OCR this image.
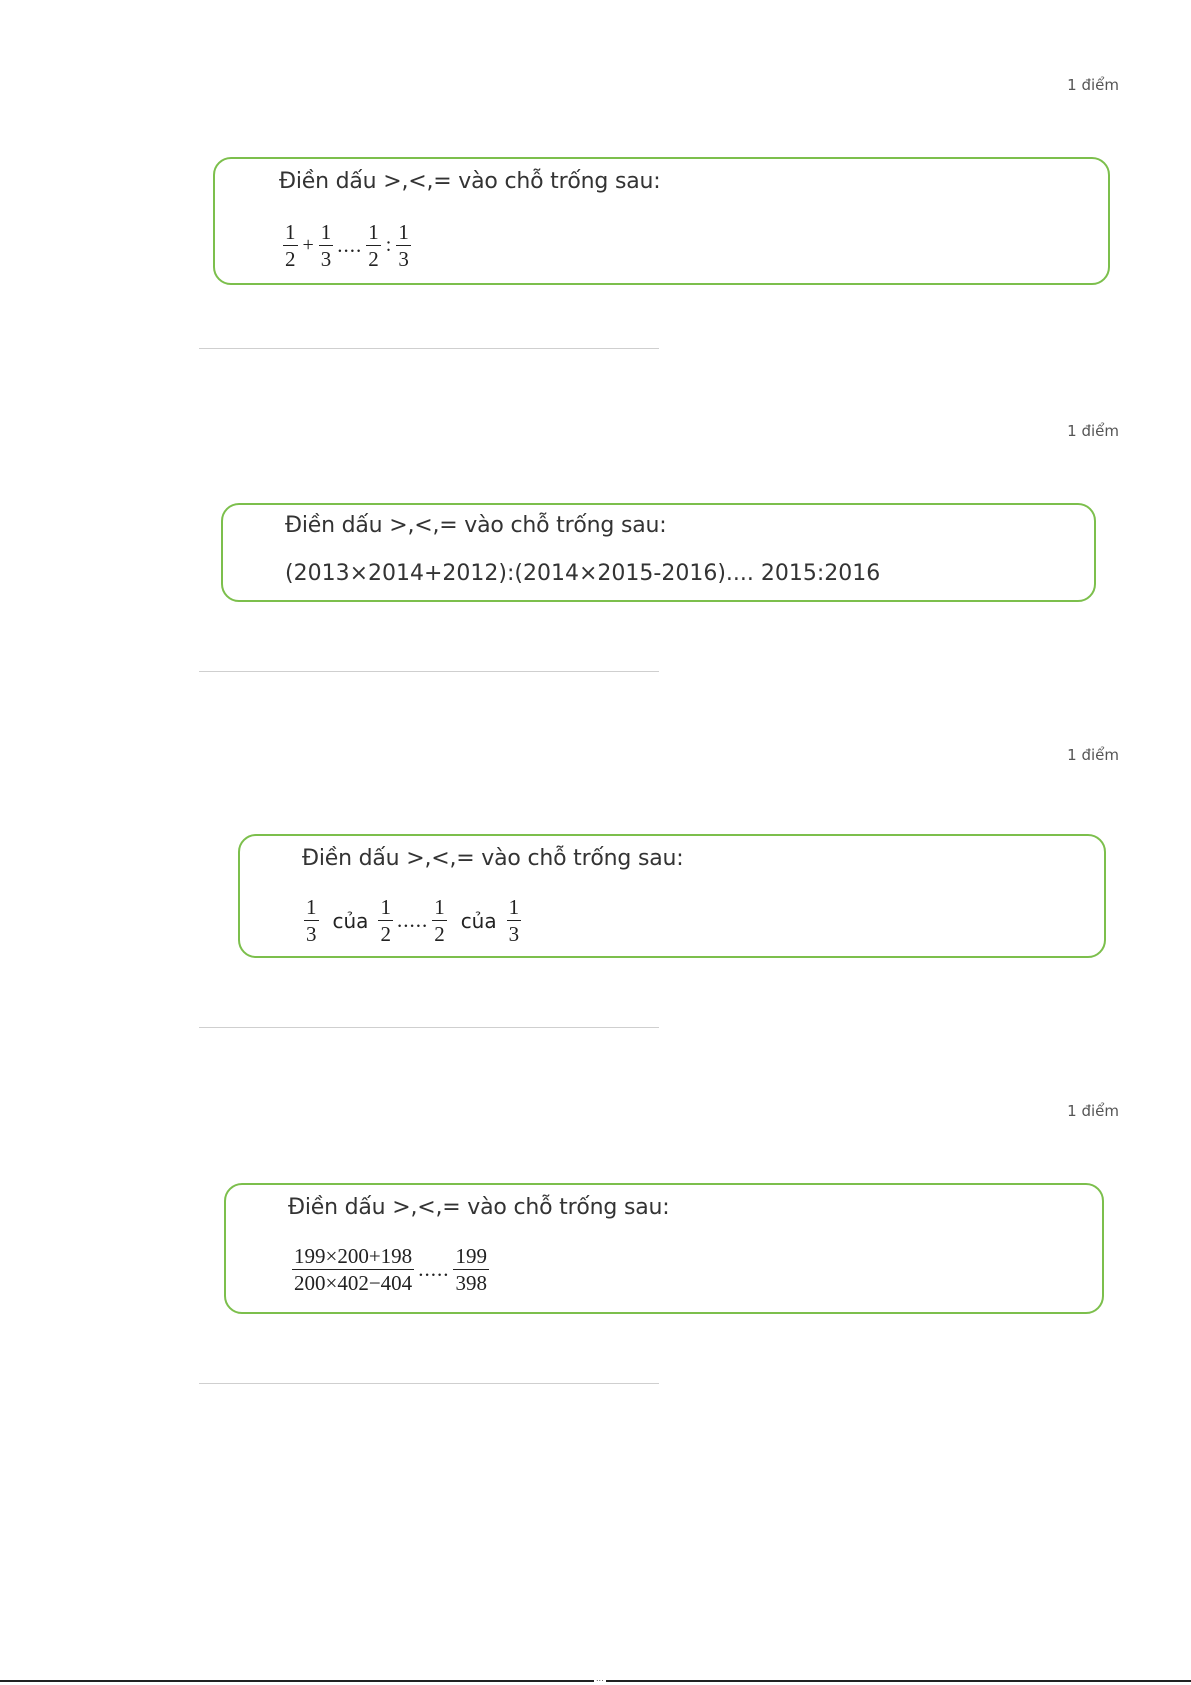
1 điểm
Điền dấu >,<,= vào chỗ trống sau:
$\frac{1}{2} + \frac{1}{3}$ .... $\frac{1}{2}$ : $\frac{1}{3}$
1 điểm
Điền dấu >,<,= vào chỗ trống sau:
(2013×2014+2012):(2014×2015-2016).... 2015:2016
1 điểm
Điền dấu >,<,= vào chỗ trống sau:
$\frac{1}{3}$ của $\frac{1}{2}$ ..... $\frac{1}{2}$ của $\frac{1}{3}$
1 điểm
Điền dấu >,<,= vào chỗ trống sau:
$\frac{199\times 200+198}{200\times 402-404}$ ..... $\frac{199}{398}$
...
